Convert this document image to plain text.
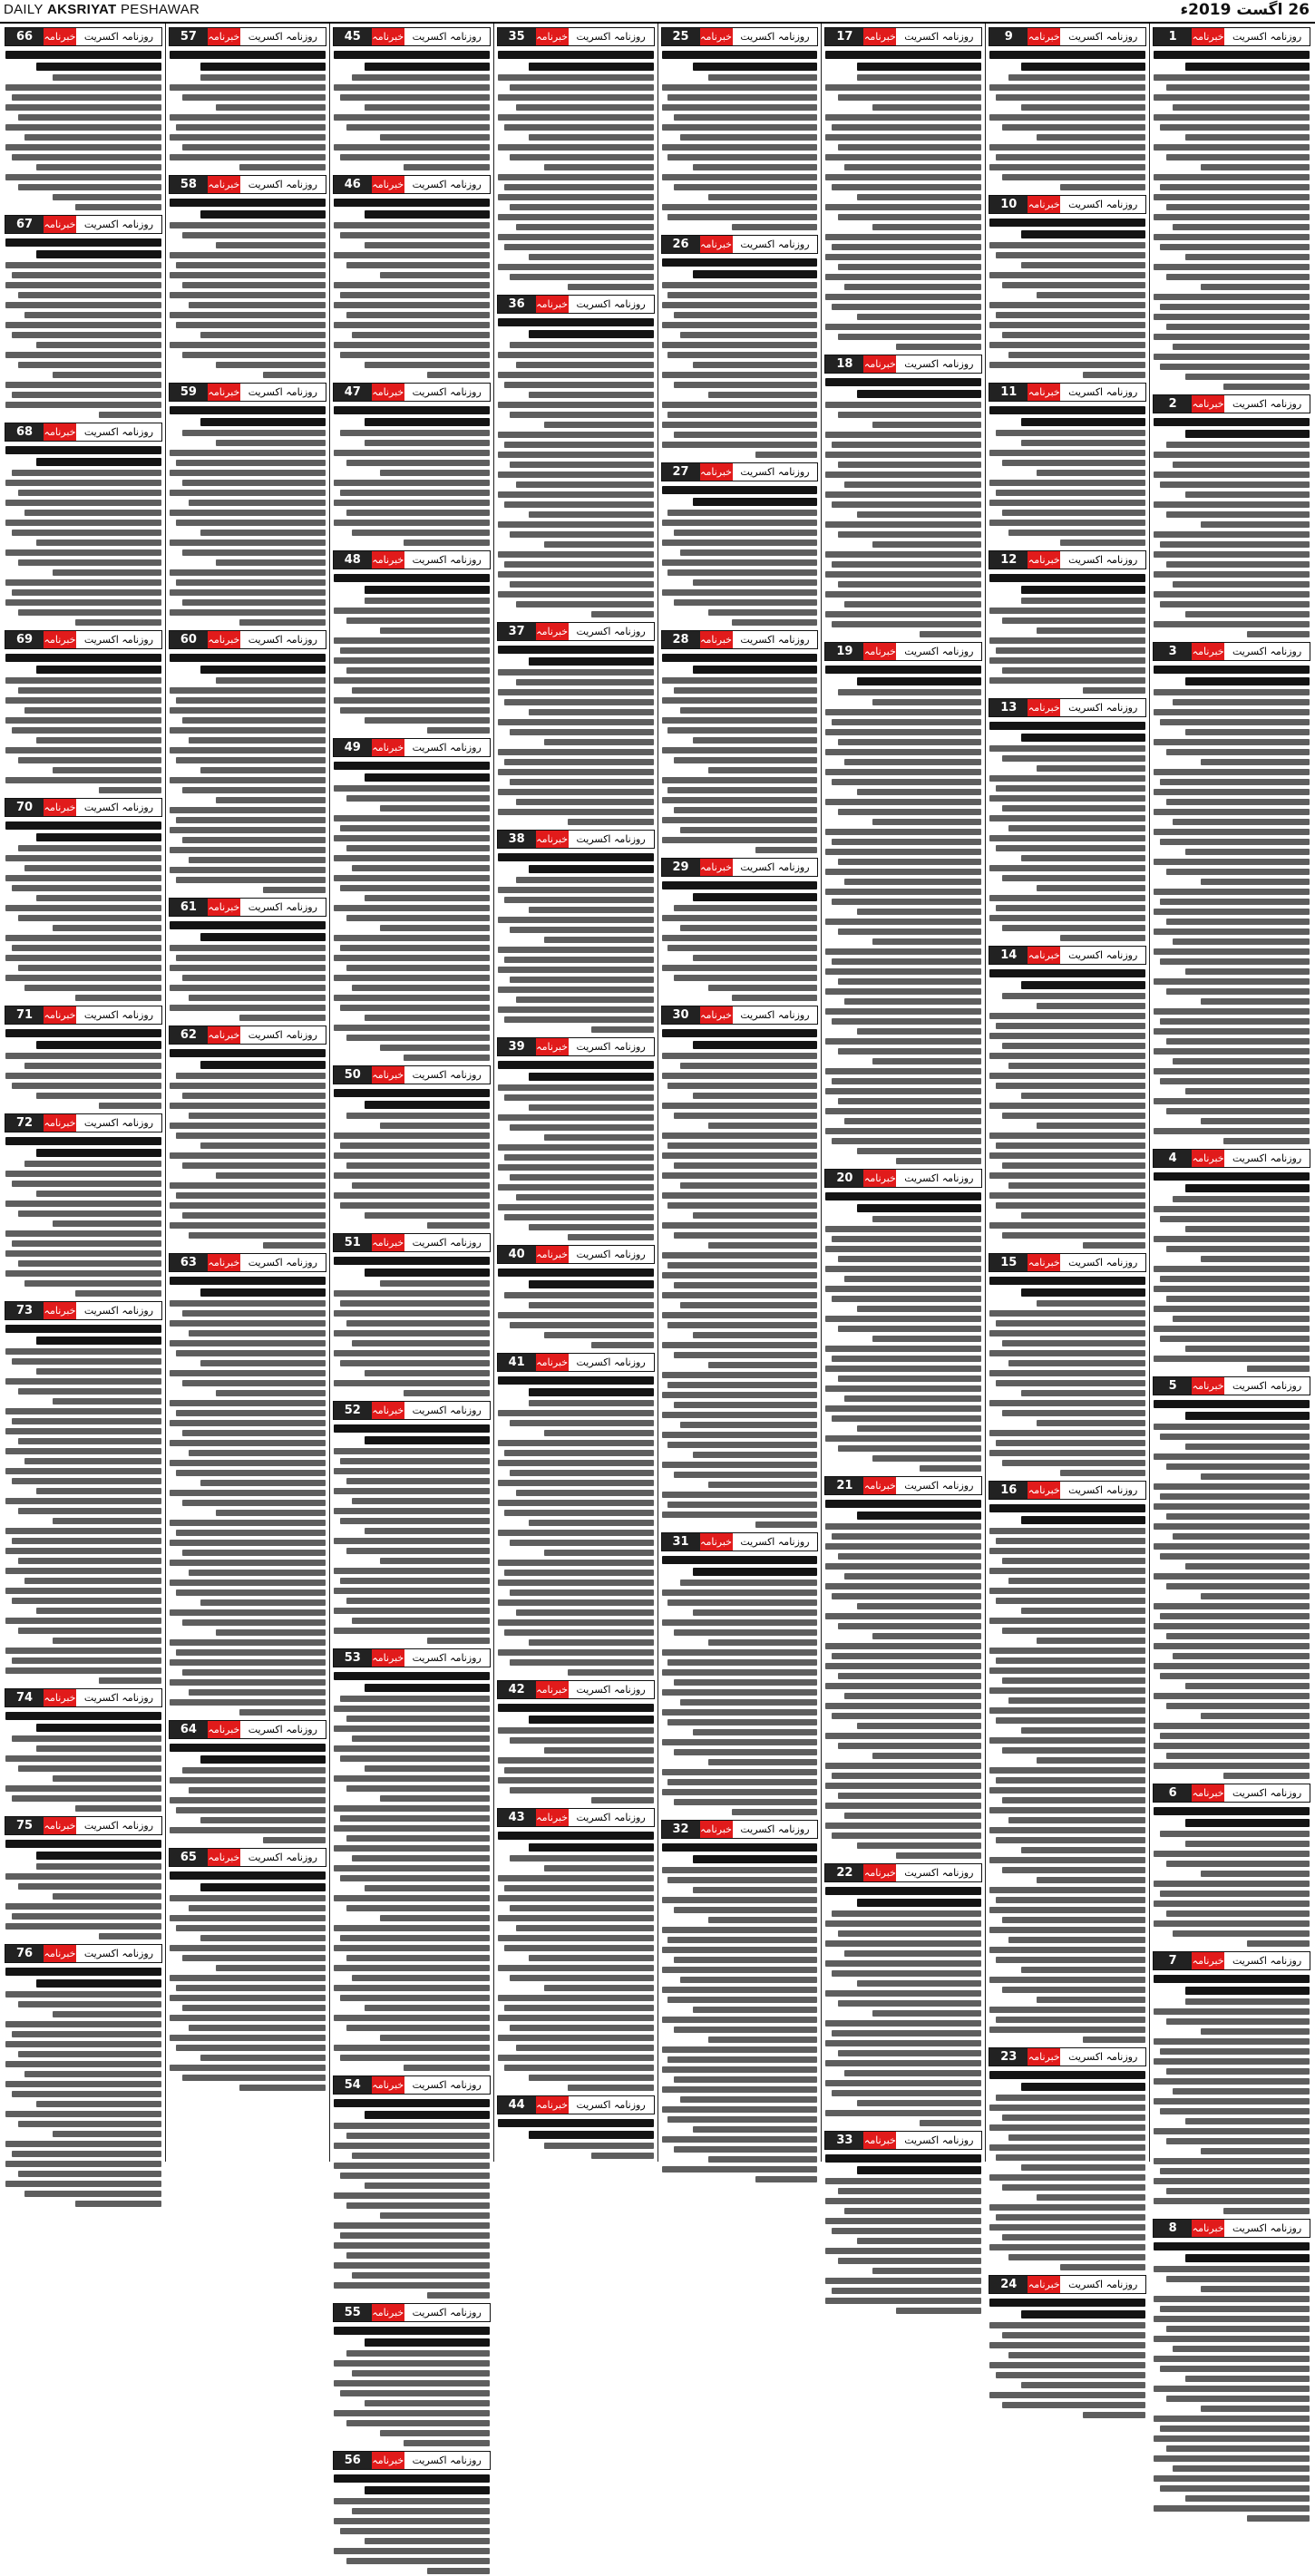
DAILY AKSRIYAT PESHAWAR	26 اگست 2019ء
1	خبرنامہ روزنامہ اکسریت
2	خبرنامہ روزنامہ اکسریت
3	خبرنامہ روزنامہ اکسریت
4	خبرنامہ روزنامہ اکسریت
5	خبرنامہ روزنامہ اکسریت
6	خبرنامہ روزنامہ اکسریت
7	خبرنامہ روزنامہ اکسریت
8	خبرنامہ روزنامہ اکسریت
9	خبرنامہ روزنامہ اکسریت
10	خبرنامہ روزنامہ اکسریت
11	خبرنامہ روزنامہ اکسریت
12	خبرنامہ روزنامہ اکسریت
13	خبرنامہ روزنامہ اکسریت
14	خبرنامہ روزنامہ اکسریت
15	خبرنامہ روزنامہ اکسریت
16	خبرنامہ روزنامہ اکسریت
23	خبرنامہ روزنامہ اکسریت
24	خبرنامہ روزنامہ اکسریت
17	خبرنامہ روزنامہ اکسریت
18	خبرنامہ روزنامہ اکسریت
19	خبرنامہ روزنامہ اکسریت
20	خبرنامہ روزنامہ اکسریت
21	خبرنامہ روزنامہ اکسریت
22	خبرنامہ روزنامہ اکسریت
33	خبرنامہ روزنامہ اکسریت
25	خبرنامہ روزنامہ اکسریت
26	خبرنامہ روزنامہ اکسریت
27	خبرنامہ روزنامہ اکسریت
28	خبرنامہ روزنامہ اکسریت
29	خبرنامہ روزنامہ اکسریت
30	خبرنامہ روزنامہ اکسریت
31	خبرنامہ روزنامہ اکسریت
32	خبرنامہ روزنامہ اکسریت
35	خبرنامہ روزنامہ اکسریت
36	خبرنامہ روزنامہ اکسریت
37	خبرنامہ روزنامہ اکسریت
38	خبرنامہ روزنامہ اکسریت
39	خبرنامہ روزنامہ اکسریت
40	خبرنامہ روزنامہ اکسریت
41	خبرنامہ روزنامہ اکسریت
42	خبرنامہ روزنامہ اکسریت
43	خبرنامہ روزنامہ اکسریت
44	خبرنامہ روزنامہ اکسریت
45	خبرنامہ روزنامہ اکسریت
46	خبرنامہ روزنامہ اکسریت
47	خبرنامہ روزنامہ اکسریت
48	خبرنامہ روزنامہ اکسریت
49	خبرنامہ روزنامہ اکسریت
50	خبرنامہ روزنامہ اکسریت
51	خبرنامہ روزنامہ اکسریت
52	خبرنامہ روزنامہ اکسریت
53	خبرنامہ روزنامہ اکسریت
54	خبرنامہ روزنامہ اکسریت
55	خبرنامہ روزنامہ اکسریت
56	خبرنامہ روزنامہ اکسریت
57	خبرنامہ روزنامہ اکسریت
58	خبرنامہ روزنامہ اکسریت
59	خبرنامہ روزنامہ اکسریت
60	خبرنامہ روزنامہ اکسریت
61	خبرنامہ روزنامہ اکسریت
62	خبرنامہ روزنامہ اکسریت
63	خبرنامہ روزنامہ اکسریت
64	خبرنامہ روزنامہ اکسریت
65	خبرنامہ روزنامہ اکسریت
66	خبرنامہ روزنامہ اکسریت
67	خبرنامہ روزنامہ اکسریت
68	خبرنامہ روزنامہ اکسریت
69	خبرنامہ روزنامہ اکسریت
70	خبرنامہ روزنامہ اکسریت
71	خبرنامہ روزنامہ اکسریت
72	خبرنامہ روزنامہ اکسریت
73	خبرنامہ روزنامہ اکسریت
74	خبرنامہ روزنامہ اکسریت
75	خبرنامہ روزنامہ اکسریت
76	خبرنامہ روزنامہ اکسریت
